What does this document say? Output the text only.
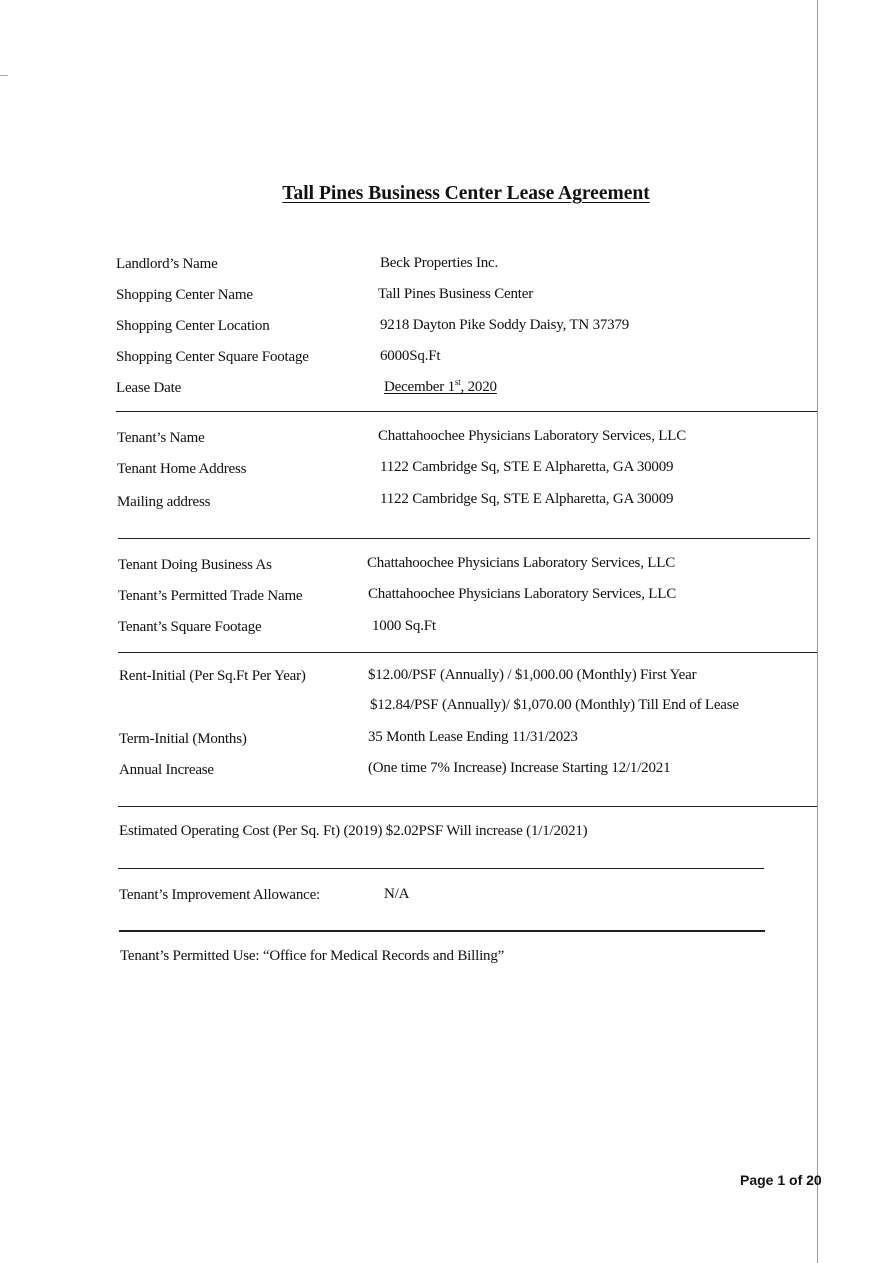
Tall Pines Business Center Lease Agreement
Landlord’s Name	Beck Properties Inc.
Shopping Center Name	Tall Pines Business Center
Shopping Center Location	9218 Dayton Pike Soddy Daisy, TN 37379
Shopping Center Square Footage	6000Sq.Ft
Lease Date	December 1st, 2020
Tenant’s Name	Chattahoochee Physicians Laboratory Services, LLC
Tenant Home Address	1122 Cambridge Sq, STE E Alpharetta, GA 30009
Mailing address	1122 Cambridge Sq, STE E Alpharetta, GA 30009
Tenant Doing Business As	Chattahoochee Physicians Laboratory Services, LLC
Tenant’s Permitted Trade Name	Chattahoochee Physicians Laboratory Services, LLC
Tenant’s Square Footage	1000 Sq.Ft
Rent-Initial (Per Sq.Ft Per Year)	$12.00/PSF (Annually) / $1,000.00 (Monthly) First Year
$12.84/PSF (Annually)/ $1,070.00 (Monthly) Till End of Lease
Term-Initial (Months)	35 Month Lease Ending 11/31/2023
Annual Increase	(One time 7% Increase) Increase Starting 12/1/2021
Estimated Operating Cost (Per Sq. Ft) (2019) $2.02PSF Will increase (1/1/2021)
Tenant’s Improvement Allowance:	N/A
Tenant’s Permitted Use: “Office for Medical Records and Billing”
Page 1 of 20
